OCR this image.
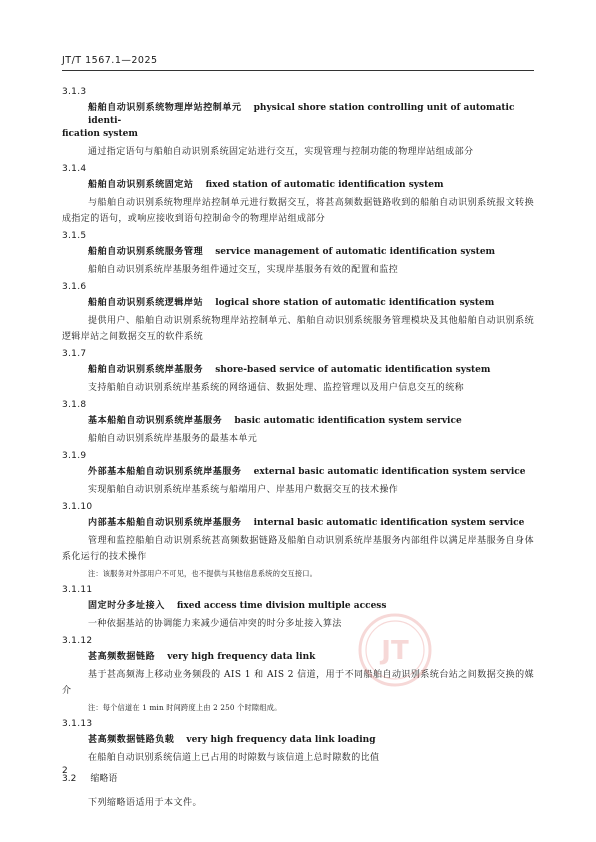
JT/T 1567.1—2025
3.1.3
船舶自动识别系统物理岸站控制单元 physical shore station controlling unit of automatic identi-
fication system
通过指定语句与船舶自动识别系统固定站进行交互，实现管理与控制功能的物理岸站组成部分
3.1.4
船舶自动识别系统固定站 fixed station of automatic identification system
与船舶自动识别系统物理岸站控制单元进行数据交互，将甚高频数据链路收到的船舶自动识别系统报文转换成指定的语句，或响应接收到语句控制命令的物理岸站组成部分
3.1.5
船舶自动识别系统服务管理 service management of automatic identification system
船舶自动识别系统岸基服务组件通过交互，实现岸基服务有效的配置和监控
3.1.6
船舶自动识别系统逻辑岸站 logical shore station of automatic identification system
提供用户、船舶自动识别系统物理岸站控制单元、船舶自动识别系统服务管理模块及其他船舶自动识别系统逻辑岸站之间数据交互的软件系统
3.1.7
船舶自动识别系统岸基服务 shore-based service of automatic identification system
支持船舶自动识别系统岸基系统的网络通信、数据处理、监控管理以及用户信息交互的统称
3.1.8
基本船舶自动识别系统岸基服务 basic automatic identification system service
船舶自动识别系统岸基服务的最基本单元
3.1.9
外部基本船舶自动识别系统岸基服务 external basic automatic identification system service
实现船舶自动识别系统岸基系统与船端用户、岸基用户数据交互的技术操作
3.1.10
内部基本船舶自动识别系统岸基服务 internal basic automatic identification system service
管理和监控船舶自动识别系统甚高频数据链路及船舶自动识别系统岸基服务内部组件以满足岸基服务自身体系化运行的技术操作
注：该服务对外部用户不可见，也不提供与其他信息系统的交互接口。
3.1.11
固定时分多址接入 fixed access time division multiple access
一种依据基站的协调能力来减少通信冲突的时分多址接入算法
3.1.12
甚高频数据链路 very high frequency data link
基于甚高频海上移动业务频段的 AIS 1 和 AIS 2 信道，用于不同船舶自动识别系统台站之间数据交换的媒介
注：每个信道在 1 min 时间跨度上由 2 250 个时隙组成。
3.1.13
甚高频数据链路负载 very high frequency data link loading
在船舶自动识别系统信道上已占用的时隙数与该信道上总时隙数的比值
3.2 缩略语
下列缩略语适用于本文件。
2
JT
